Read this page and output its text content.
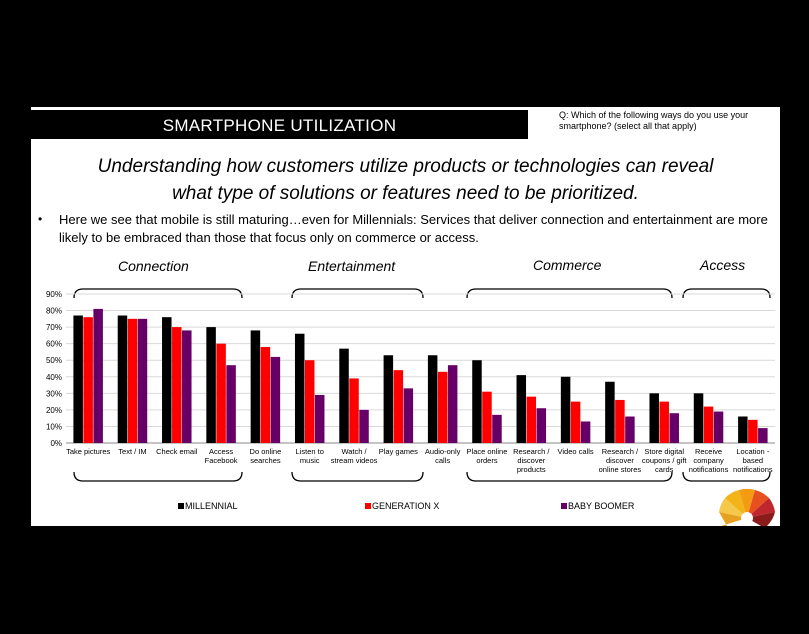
SMARTPHONE UTILIZATION
Q: Which of the following ways do you use your smartphone? (select all that apply)
Understanding how customers utilize products or technologies can reveal
what type of solutions or features need to be prioritized.
• Here we see that mobile is still maturing…even for Millennials: Services that deliver connection and entertainment are more likely to be embraced than those that focus only on commerce or access.
Connection	Entertainment	Commerce	Access
0%
10%
20%
30%
40%
50%
60%
70%
80%
90%
Take pictures Text / IM Check email	Access Facebook
Do online searches
Listen to music
Watch / stream videos
Play games Audio-only calls
Place online orders
Research / discover products
Video calls	Research / discover online stores
Store digital coupons / gift cards
Receive company notifications
Location -based notifications
MILLENNIAL	GENERATION X	BABY BOOMER
